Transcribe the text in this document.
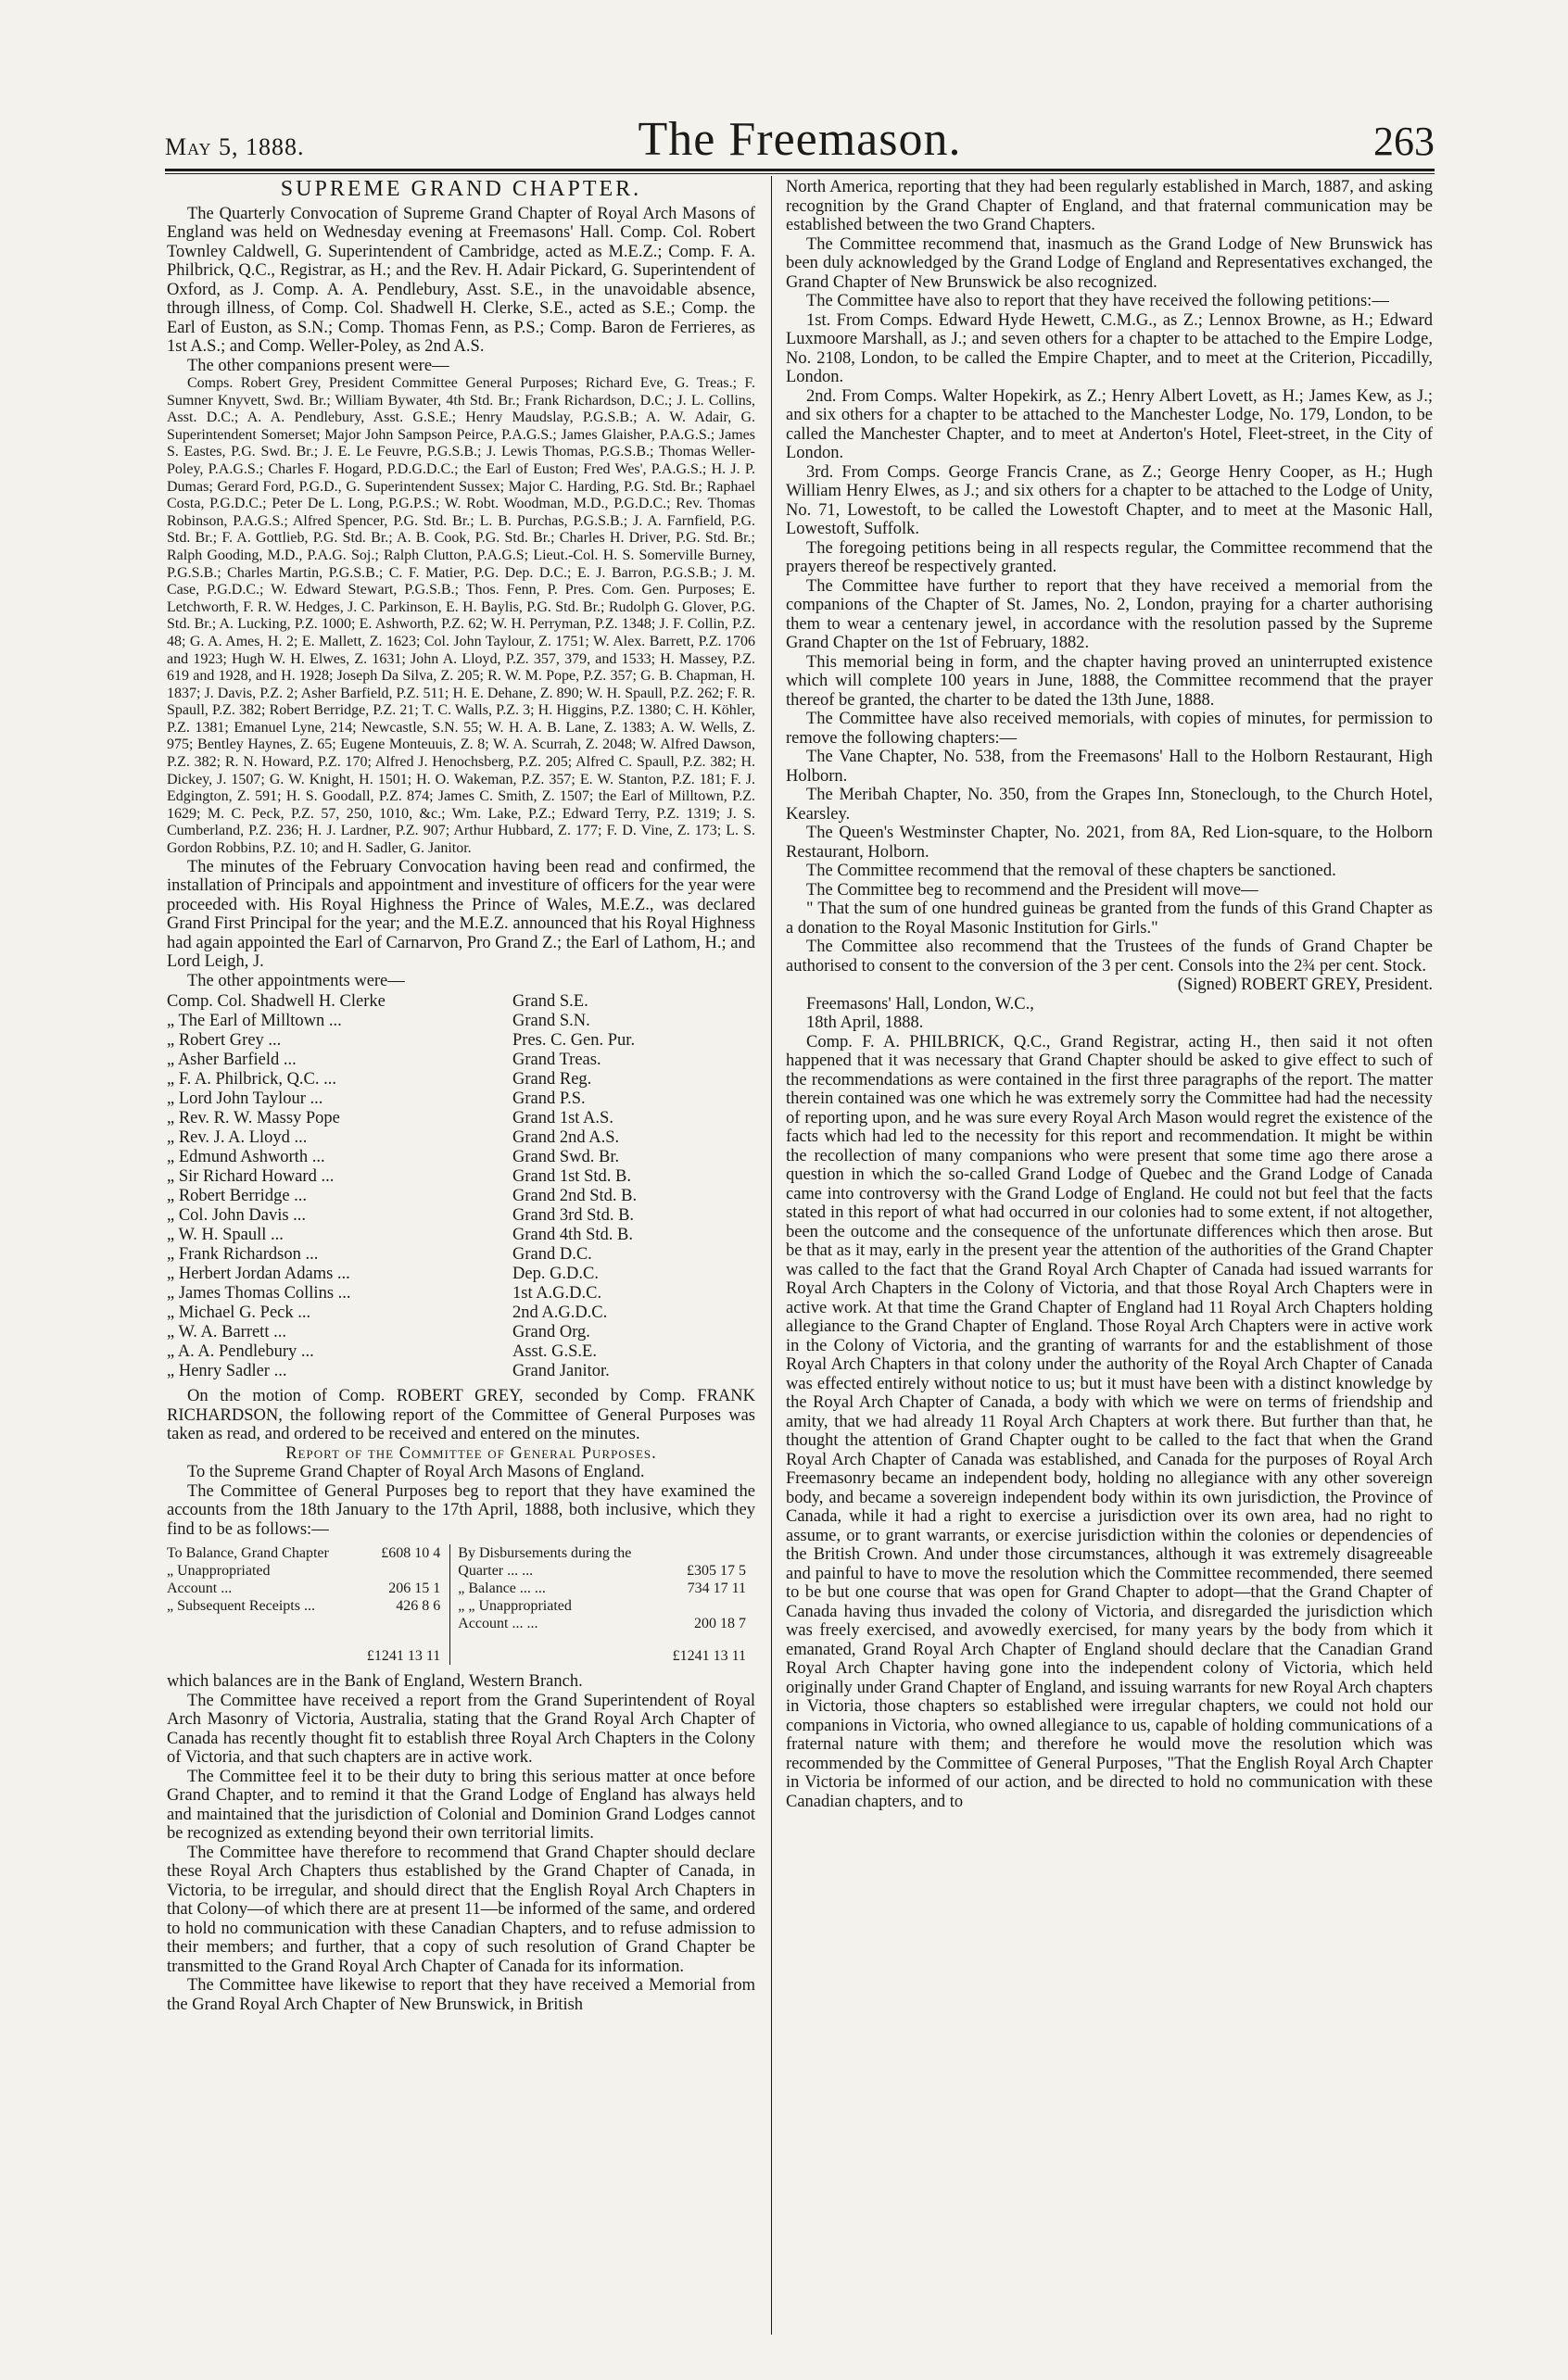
May 5, 1888.	The Freemason.	263
SUPREME GRAND CHAPTER.

The Quarterly Convocation of Supreme Grand Chapter of Royal Arch Masons of England was held on Wednesday evening at Freemasons' Hall. Comp. Col. Robert Townley Caldwell, G. Superintendent of Cambridge, acted as M.E.Z.; Comp. F. A. Philbrick, Q.C., Registrar, as H.; and the Rev. H. Adair Pickard, G. Superintendent of Oxford, as J. Comp. A. A. Pendlebury, Asst. S.E., in the unavoidable absence, through illness, of Comp. Col. Shadwell H. Clerke, S.E., acted as S.E.; Comp. the Earl of Euston, as S.N.; Comp. Thomas Fenn, as P.S.; Comp. Baron de Ferrieres, as 1st A.S.; and Comp. Weller-Poley, as 2nd A.S.

The other companions present were—

Comps. Robert Grey, President Committee General Purposes; Richard Eve, G. Treas.; F. Sumner Knyvett, Swd. Br.; William Bywater, 4th Std. Br.; Frank Richardson, D.C.; J. L. Collins, Asst. D.C.; A. A. Pendlebury, Asst. G.S.E.; Henry Maudslay, P.G.S.B.; A. W. Adair, G. Superintendent Somerset; Major John Sampson Peirce, P.A.G.S.; James Glaisher, P.A.G.S.; James S. Eastes, P.G. Swd. Br.; J. E. Le Feuvre, P.G.S.B.; J. Lewis Thomas, P.G.S.B.; Thomas Weller-Poley, P.A.G.S.; Charles F. Hogard, P.D.G.D.C.; the Earl of Euston; Fred Wes', P.A.G.S.; H. J. P. Dumas; Gerard Ford, P.G.D., G. Superintendent Sussex; Major C. Harding, P.G. Std. Br.; Raphael Costa, P.G.D.C.; Peter De L. Long, P.G.P.S.; W. Robt. Woodman, M.D., P.G.D.C.; Rev. Thomas Robinson, P.A.G.S.; Alfred Spencer, P.G. Std. Br.; L. B. Purchas, P.G.S.B.; J. A. Farnfield, P.G. Std. Br.; F. A. Gottlieb, P.G. Std. Br.; A. B. Cook, P.G. Std. Br.; Charles H. Driver, P.G. Std. Br.; Ralph Gooding, M.D., P.A.G. Soj.; Ralph Clutton, P.A.G.S; Lieut.-Col. H. S. Somerville Burney, P.G.S.B.; Charles Martin, P.G.S.B.; C. F. Matier, P.G. Dep. D.C.; E. J. Barron, P.G.S.B.; J. M. Case, P.G.D.C.; W. Edward Stewart, P.G.S.B.; Thos. Fenn, P. Pres. Com. Gen. Purposes; E. Letchworth, F. R. W. Hedges, J. C. Parkinson, E. H. Baylis, P.G. Std. Br.; Rudolph G. Glover, P.G. Std. Br.; A. Lucking, P.Z. 1000; E. Ashworth, P.Z. 62; W. H. Perryman, P.Z. 1348; J. F. Collin, P.Z. 48; G. A. Ames, H. 2; E. Mallett, Z. 1623; Col. John Taylour, Z. 1751; W. Alex. Barrett, P.Z. 1706 and 1923; Hugh W. H. Elwes, Z. 1631; John A. Lloyd, P.Z. 357, 379, and 1533; H. Massey, P.Z. 619 and 1928, and H. 1928; Joseph Da Silva, Z. 205; R. W. M. Pope, P.Z. 357; G. B. Chapman, H. 1837; J. Davis, P.Z. 2; Asher Barfield, P.Z. 511; H. E. Dehane, Z. 890; W. H. Spaull, P.Z. 262; F. R. Spaull, P.Z. 382; Robert Berridge, P.Z. 21; T. C. Walls, P.Z. 3; H. Higgins, P.Z. 1380; C. H. Köhler, P.Z. 1381; Emanuel Lyne, 214; Newcastle, S.N. 55; W. H. A. B. Lane, Z. 1383; A. W. Wells, Z. 975; Bentley Haynes, Z. 65; Eugene Monteuuis, Z. 8; W. A. Scurrah, Z. 2048; W. Alfred Dawson, P.Z. 382; R. N. Howard, P.Z. 170; Alfred J. Henochsberg, P.Z. 205; Alfred C. Spaull, P.Z. 382; H. Dickey, J. 1507; G. W. Knight, H. 1501; H. O. Wakeman, P.Z. 357; E. W. Stanton, P.Z. 181; F. J. Edgington, Z. 591; H. S. Goodall, P.Z. 874; James C. Smith, Z. 1507; the Earl of Milltown, P.Z. 1629; M. C. Peck, P.Z. 57, 250, 1010, &c.; Wm. Lake, P.Z.; Edward Terry, P.Z. 1319; J. S. Cumberland, P.Z. 236; H. J. Lardner, P.Z. 907; Arthur Hubbard, Z. 177; F. D. Vine, Z. 173; L. S. Gordon Robbins, P.Z. 10; and H. Sadler, G. Janitor.

The minutes of the February Convocation having been read and confirmed, the installation of Principals and appointment and investiture of officers for the year were proceeded with. His Royal Highness the Prince of Wales, M.E.Z., was declared Grand First Principal for the year; and the M.E.Z. announced that his Royal Highness had again appointed the Earl of Carnarvon, Pro Grand Z.; the Earl of Lathom, H.; and Lord Leigh, J.

The other appointments were—

Comp. Col. Shadwell H. Clerke	Grand S.E.
„ The Earl of Milltown ...	Grand S.N.
„ Robert Grey ...	Pres. C. Gen. Pur.
„ Asher Barfield ...	Grand Treas.
„ F. A. Philbrick, Q.C. ...	Grand Reg.
„ Lord John Taylour ...	Grand P.S.
„ Rev. R. W. Massy Pope	Grand 1st A.S.
„ Rev. J. A. Lloyd ...	Grand 2nd A.S.
„ Edmund Ashworth ...	Grand Swd. Br.
„ Sir Richard Howard ...	Grand 1st Std. B.
„ Robert Berridge ...	Grand 2nd Std. B.
„ Col. John Davis ...	Grand 3rd Std. B.
„ W. H. Spaull ...	Grand 4th Std. B.
„ Frank Richardson ...	Grand D.C.
„ Herbert Jordan Adams ...	Dep. G.D.C.
„ James Thomas Collins ...	1st A.G.D.C.
„ Michael G. Peck ...	2nd A.G.D.C.
„ W. A. Barrett ...	Grand Org.
„ A. A. Pendlebury ...	Asst. G.S.E.
„ Henry Sadler ...	Grand Janitor.

On the motion of Comp. ROBERT GREY, seconded by Comp. FRANK RICHARDSON, the following report of the Committee of General Purposes was taken as read, and ordered to be received and entered on the minutes.

Report of the Committee of General Purposes.

To the Supreme Grand Chapter of Royal Arch Masons of England.

The Committee of General Purposes beg to report that they have examined the accounts from the 18th January to the 17th April, 1888, both inclusive, which they find to be as follows:—

To Balance, Grand Chapter	£608 10 4	By Disbursements during the	
„ Unappropriated		Quarter ... ...	£305 17 5
Account ...	206 15 1	„ Balance ... ...	734 17 11
„ Subsequent Receipts ...	426 8 6	„ „ Unappropriated	
		Account ... ...	200 18 7
	£1241 13 11		£1241 13 11

which balances are in the Bank of England, Western Branch.

The Committee have received a report from the Grand Superintendent of Royal Arch Masonry of Victoria, Australia, stating that the Grand Royal Arch Chapter of Canada has recently thought fit to establish three Royal Arch Chapters in the Colony of Victoria, and that such chapters are in active work.

The Committee feel it to be their duty to bring this serious matter at once before Grand Chapter, and to remind it that the Grand Lodge of England has always held and maintained that the jurisdiction of Colonial and Dominion Grand Lodges cannot be recognized as extending beyond their own territorial limits.

The Committee have therefore to recommend that Grand Chapter should declare these Royal Arch Chapters thus established by the Grand Chapter of Canada, in Victoria, to be irregular, and should direct that the English Royal Arch Chapters in that Colony—of which there are at present 11—be informed of the same, and ordered to hold no communication with these Canadian Chapters, and to refuse admission to their members; and further, that a copy of such resolution of Grand Chapter be transmitted to the Grand Royal Arch Chapter of Canada for its information.

The Committee have likewise to report that they have received a Memorial from the Grand Royal Arch Chapter of New Brunswick, in British

North America, reporting that they had been regularly established in March, 1887, and asking recognition by the Grand Chapter of England, and that fraternal communication may be established between the two Grand Chapters.

The Committee recommend that, inasmuch as the Grand Lodge of New Brunswick has been duly acknowledged by the Grand Lodge of England and Representatives exchanged, the Grand Chapter of New Brunswick be also recognized.

The Committee have also to report that they have received the following petitions:—

1st. From Comps. Edward Hyde Hewett, C.M.G., as Z.; Lennox Browne, as H.; Edward Luxmoore Marshall, as J.; and seven others for a chapter to be attached to the Empire Lodge, No. 2108, London, to be called the Empire Chapter, and to meet at the Criterion, Piccadilly, London.

2nd. From Comps. Walter Hopekirk, as Z.; Henry Albert Lovett, as H.; James Kew, as J.; and six others for a chapter to be attached to the Manchester Lodge, No. 179, London, to be called the Manchester Chapter, and to meet at Anderton's Hotel, Fleet-street, in the City of London.

3rd. From Comps. George Francis Crane, as Z.; George Henry Cooper, as H.; Hugh William Henry Elwes, as J.; and six others for a chapter to be attached to the Lodge of Unity, No. 71, Lowestoft, to be called the Lowestoft Chapter, and to meet at the Masonic Hall, Lowestoft, Suffolk.

The foregoing petitions being in all respects regular, the Committee recommend that the prayers thereof be respectively granted.

The Committee have further to report that they have received a memorial from the companions of the Chapter of St. James, No. 2, London, praying for a charter authorising them to wear a centenary jewel, in accordance with the resolution passed by the Supreme Grand Chapter on the 1st of February, 1882.

This memorial being in form, and the chapter having proved an uninterrupted existence which will complete 100 years in June, 1888, the Committee recommend that the prayer thereof be granted, the charter to be dated the 13th June, 1888.

The Committee have also received memorials, with copies of minutes, for permission to remove the following chapters:—

The Vane Chapter, No. 538, from the Freemasons' Hall to the Holborn Restaurant, High Holborn.

The Meribah Chapter, No. 350, from the Grapes Inn, Stoneclough, to the Church Hotel, Kearsley.

The Queen's Westminster Chapter, No. 2021, from 8A, Red Lion-square, to the Holborn Restaurant, Holborn.

The Committee recommend that the removal of these chapters be sanctioned.

The Committee beg to recommend and the President will move—

" That the sum of one hundred guineas be granted from the funds of this Grand Chapter as a donation to the Royal Masonic Institution for Girls."

The Committee also recommend that the Trustees of the funds of Grand Chapter be authorised to consent to the conversion of the 3 per cent. Consols into the 2¾ per cent. Stock.

(Signed) ROBERT GREY, President.

Freemasons' Hall, London, W.C.,

18th April, 1888.

Comp. F. A. PHILBRICK, Q.C., Grand Registrar, acting H., then said it not often happened that it was necessary that Grand Chapter should be asked to give effect to such of the recommendations as were contained in the first three paragraphs of the report. The matter therein contained was one which he was extremely sorry the Committee had had the necessity of reporting upon, and he was sure every Royal Arch Mason would regret the existence of the facts which had led to the necessity for this report and recommendation. It might be within the recollection of many companions who were present that some time ago there arose a question in which the so-called Grand Lodge of Quebec and the Grand Lodge of Canada came into controversy with the Grand Lodge of England. He could not but feel that the facts stated in this report of what had occurred in our colonies had to some extent, if not altogether, been the outcome and the consequence of the unfortunate differences which then arose. But be that as it may, early in the present year the attention of the authorities of the Grand Chapter was called to the fact that the Grand Royal Arch Chapter of Canada had issued warrants for Royal Arch Chapters in the Colony of Victoria, and that those Royal Arch Chapters were in active work. At that time the Grand Chapter of England had 11 Royal Arch Chapters holding allegiance to the Grand Chapter of England. Those Royal Arch Chapters were in active work in the Colony of Victoria, and the granting of warrants for and the establishment of those Royal Arch Chapters in that colony under the authority of the Royal Arch Chapter of Canada was effected entirely without notice to us; but it must have been with a distinct knowledge by the Royal Arch Chapter of Canada, a body with which we were on terms of friendship and amity, that we had already 11 Royal Arch Chapters at work there. But further than that, he thought the attention of Grand Chapter ought to be called to the fact that when the Grand Royal Arch Chapter of Canada was established, and Canada for the purposes of Royal Arch Freemasonry became an independent body, holding no allegiance with any other sovereign body, and became a sovereign independent body within its own jurisdiction, the Province of Canada, while it had a right to exercise a jurisdiction over its own area, had no right to assume, or to grant warrants, or exercise jurisdiction within the colonies or dependencies of the British Crown. And under those circumstances, although it was extremely disagreeable and painful to have to move the resolution which the Committee recommended, there seemed to be but one course that was open for Grand Chapter to adopt—that the Grand Chapter of Canada having thus invaded the colony of Victoria, and disregarded the jurisdiction which was freely exercised, and avowedly exercised, for many years by the body from which it emanated, Grand Royal Arch Chapter of England should declare that the Canadian Grand Royal Arch Chapter having gone into the independent colony of Victoria, which held originally under Grand Chapter of England, and issuing warrants for new Royal Arch chapters in Victoria, those chapters so established were irregular chapters, we could not hold our companions in Victoria, who owned allegiance to us, capable of holding communications of a fraternal nature with them; and therefore he would move the resolution which was recommended by the Committee of General Purposes, "That the English Royal Arch Chapter in Victoria be informed of our action, and be directed to hold no communication with these Canadian chapters, and to
